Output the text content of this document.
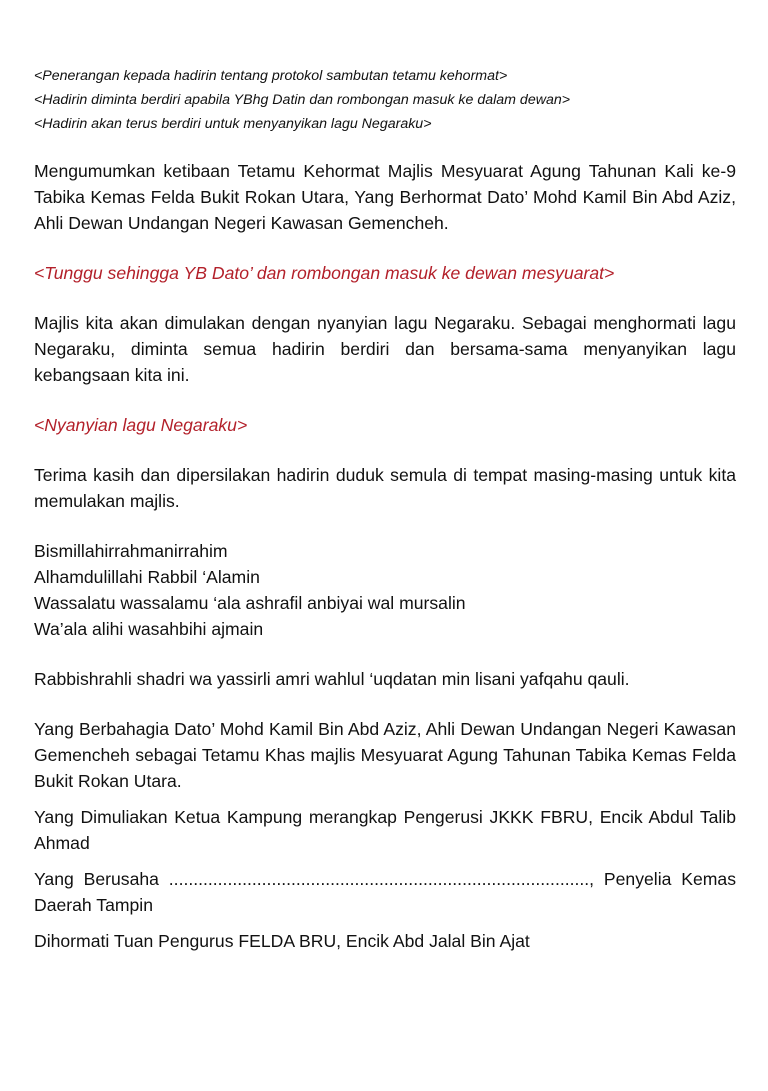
<Penerangan kepada hadirin tentang protokol sambutan tetamu kehormat>

<Hadirin diminta berdiri apabila YBhg Datin dan rombongan masuk ke dalam dewan>

<Hadirin akan terus berdiri untuk menyanyikan lagu Negaraku>

Mengumumkan ketibaan Tetamu Kehormat Majlis Mesyuarat Agung Tahunan Kali ke-9 Tabika Kemas Felda Bukit Rokan Utara, Yang Berhormat Dato’ Mohd Kamil Bin Abd Aziz, Ahli Dewan Undangan Negeri Kawasan Gemencheh.

<Tunggu sehingga YB Dato’ dan rombongan masuk ke dewan mesyuarat>

Majlis kita akan dimulakan dengan nyanyian lagu Negaraku. Sebagai menghormati lagu Negaraku, diminta semua hadirin berdiri dan bersama-sama menyanyikan lagu kebangsaan kita ini.

<Nyanyian lagu Negaraku>

Terima kasih dan dipersilakan hadirin duduk semula di tempat masing-masing untuk kita memulakan majlis.

Bismillahirrahmanirrahim

Alhamdulillahi Rabbil ‘Alamin

Wassalatu wassalamu ‘ala ashrafil anbiyai wal mursalin

Wa’ala alihi wasahbihi ajmain

Rabbishrahli shadri wa yassirli amri wahlul ‘uqdatan min lisani yafqahu qauli.

Yang Berbahagia Dato’ Mohd Kamil Bin Abd Aziz, Ahli Dewan Undangan Negeri Kawasan Gemencheh sebagai Tetamu Khas majlis Mesyuarat Agung Tahunan Tabika Kemas Felda Bukit Rokan Utara.

Yang Dimuliakan Ketua Kampung merangkap Pengerusi JKKK FBRU, Encik Abdul Talib Ahmad

Yang Berusaha ......................................................................................, Penyelia Kemas Daerah Tampin

Dihormati Tuan Pengurus FELDA BRU, Encik Abd Jalal Bin Ajat
